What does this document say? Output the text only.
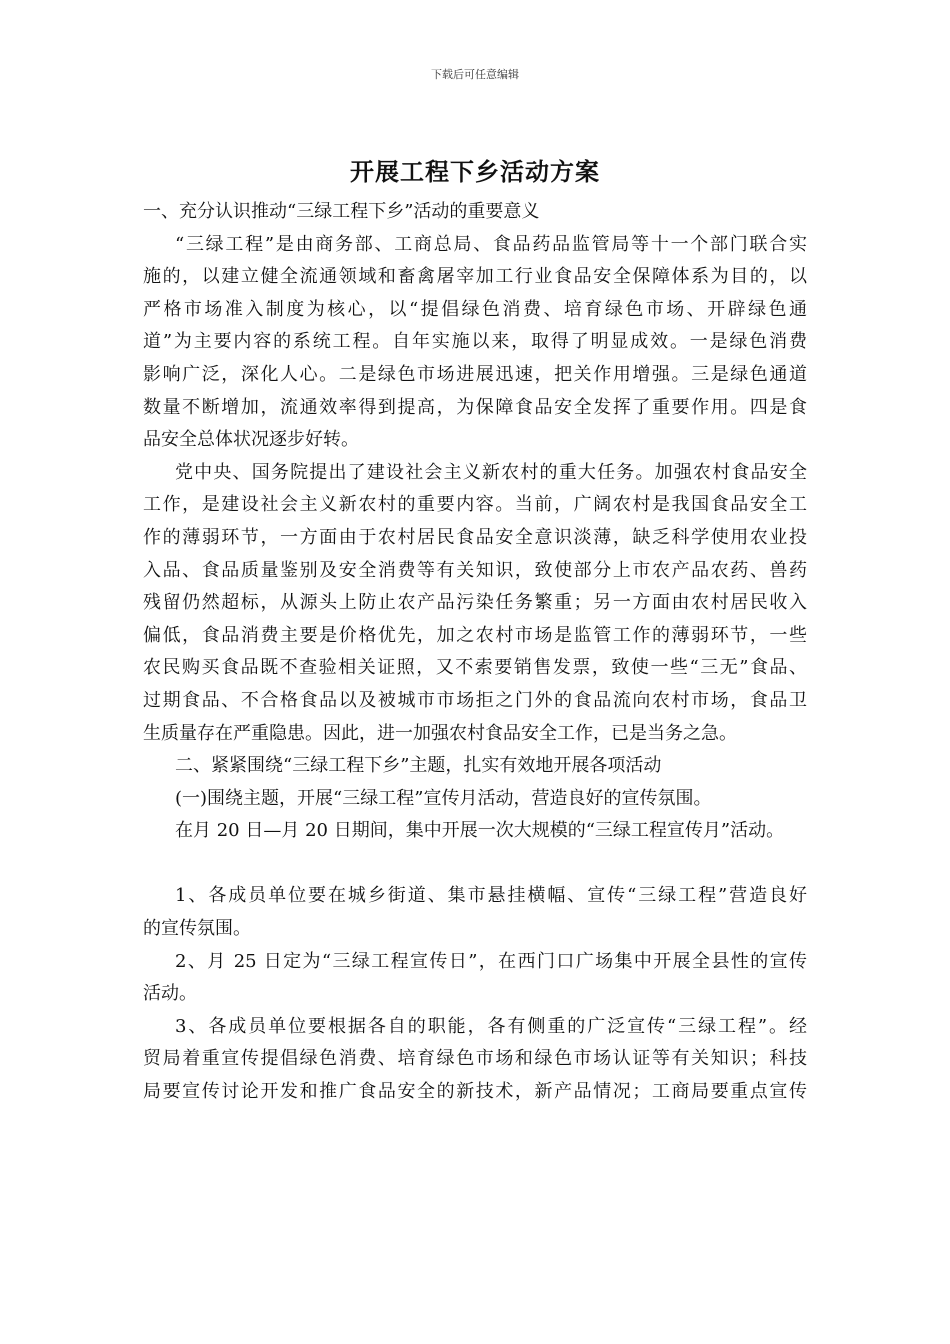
下载后可任意编辑
开展工程下乡活动方案
一、充分认识推动“三绿工程下乡”活动的重要意义
“三绿工程”是由商务部、工商总局、食品药品监管局等十一个部门联合实
施的，以建立健全流通领域和畜禽屠宰加工行业食品安全保障体系为目的，以
严格市场准入制度为核心，以“提倡绿色消费、培育绿色市场、开辟绿色通
道”为主要内容的系统工程。自年实施以来，取得了明显成效。一是绿色消费
影响广泛，深化人心。二是绿色市场进展迅速，把关作用增强。三是绿色通道
数量不断增加，流通效率得到提高，为保障食品安全发挥了重要作用。四是食
品安全总体状况逐步好转。
党中央、国务院提出了建设社会主义新农村的重大任务。加强农村食品安全
工作，是建设社会主义新农村的重要内容。当前，广阔农村是我国食品安全工
作的薄弱环节，一方面由于农村居民食品安全意识淡薄，缺乏科学使用农业投
入品、食品质量鉴别及安全消费等有关知识，致使部分上市农产品农药、兽药
残留仍然超标，从源头上防止农产品污染任务繁重；另一方面由农村居民收入
偏低，食品消费主要是价格优先，加之农村市场是监管工作的薄弱环节，一些
农民购买食品既不查验相关证照，又不索要销售发票，致使一些“三无”食品、
过期食品、不合格食品以及被城市市场拒之门外的食品流向农村市场，食品卫
生质量存在严重隐患。因此，进一加强农村食品安全工作，已是当务之急。
二、紧紧围绕“三绿工程下乡”主题，扎实有效地开展各项活动
(一)围绕主题，开展“三绿工程”宣传月活动，营造良好的宣传氛围。
在月 20 日—月 20 日期间，集中开展一次大规模的“三绿工程宣传月”活动。
1、各成员单位要在城乡街道、集市悬挂横幅、宣传“三绿工程”营造良好
的宣传氛围。
2、月 25 日定为“三绿工程宣传日”，在西门口广场集中开展全县性的宣传
活动。
3、各成员单位要根据各自的职能，各有侧重的广泛宣传“三绿工程”。经
贸局着重宣传提倡绿色消费、培育绿色市场和绿色市场认证等有关知识；科技
局要宣传讨论开发和推广食品安全的新技术，新产品情况；工商局要重点宣传
